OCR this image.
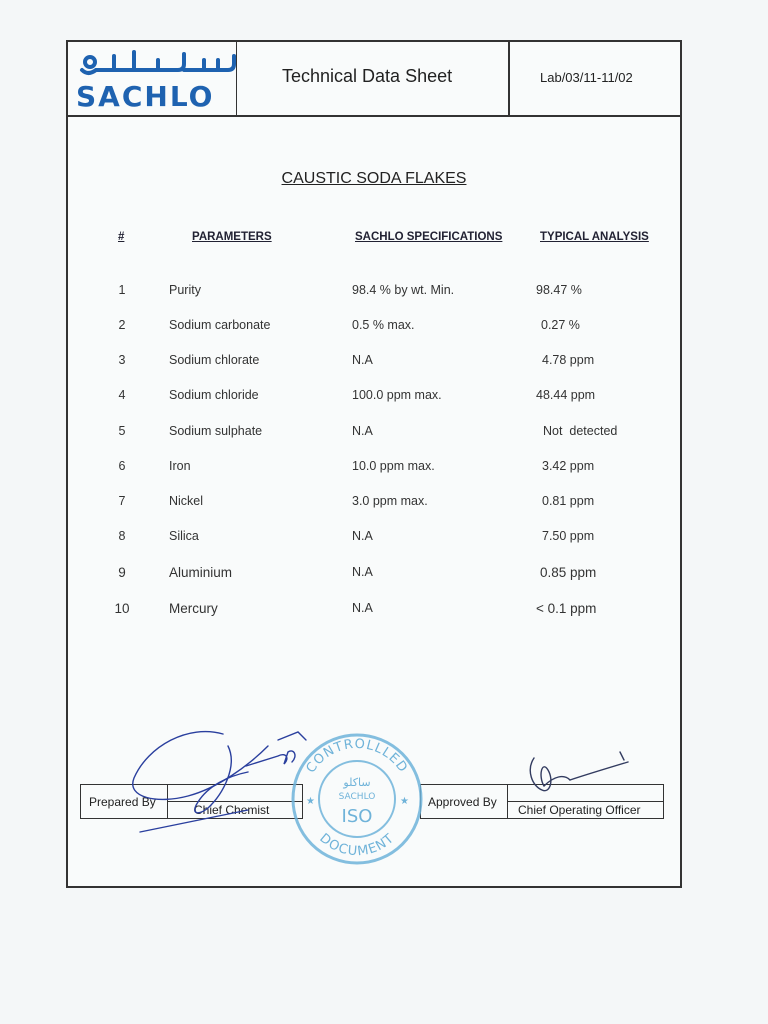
SACHLO
Technical Data Sheet	Lab/03/11-11/02
CAUSTIC SODA FLAKES
#	PARAMETERS	SACHLO SPECIFICATIONS	TYPICAL ANALYSIS
1	Purity	98.4 % by wt. Min.	98.47 %
2	Sodium carbonate	0.5 % max.	0.27 %
3	Sodium chlorate	N.A	4.78 ppm
4	Sodium chloride	100.0 ppm max.	48.44 ppm
5	Sodium sulphate	N.A	Not  detected
6	Iron	10.0 ppm max.	3.42 ppm
7	Nickel	3.0 ppm max.	0.81 ppm
8	Silica	N.A	7.50 ppm
9	Aluminium	N.A	0.85 ppm
10	Mercury	N.A	< 0.1 ppm
Prepared By
Chief Chemist
Approved By
Chief Operating Officer
CONTROLLLED
DOCUMENT
ساكلو
SACHLO
ISO
★	★
